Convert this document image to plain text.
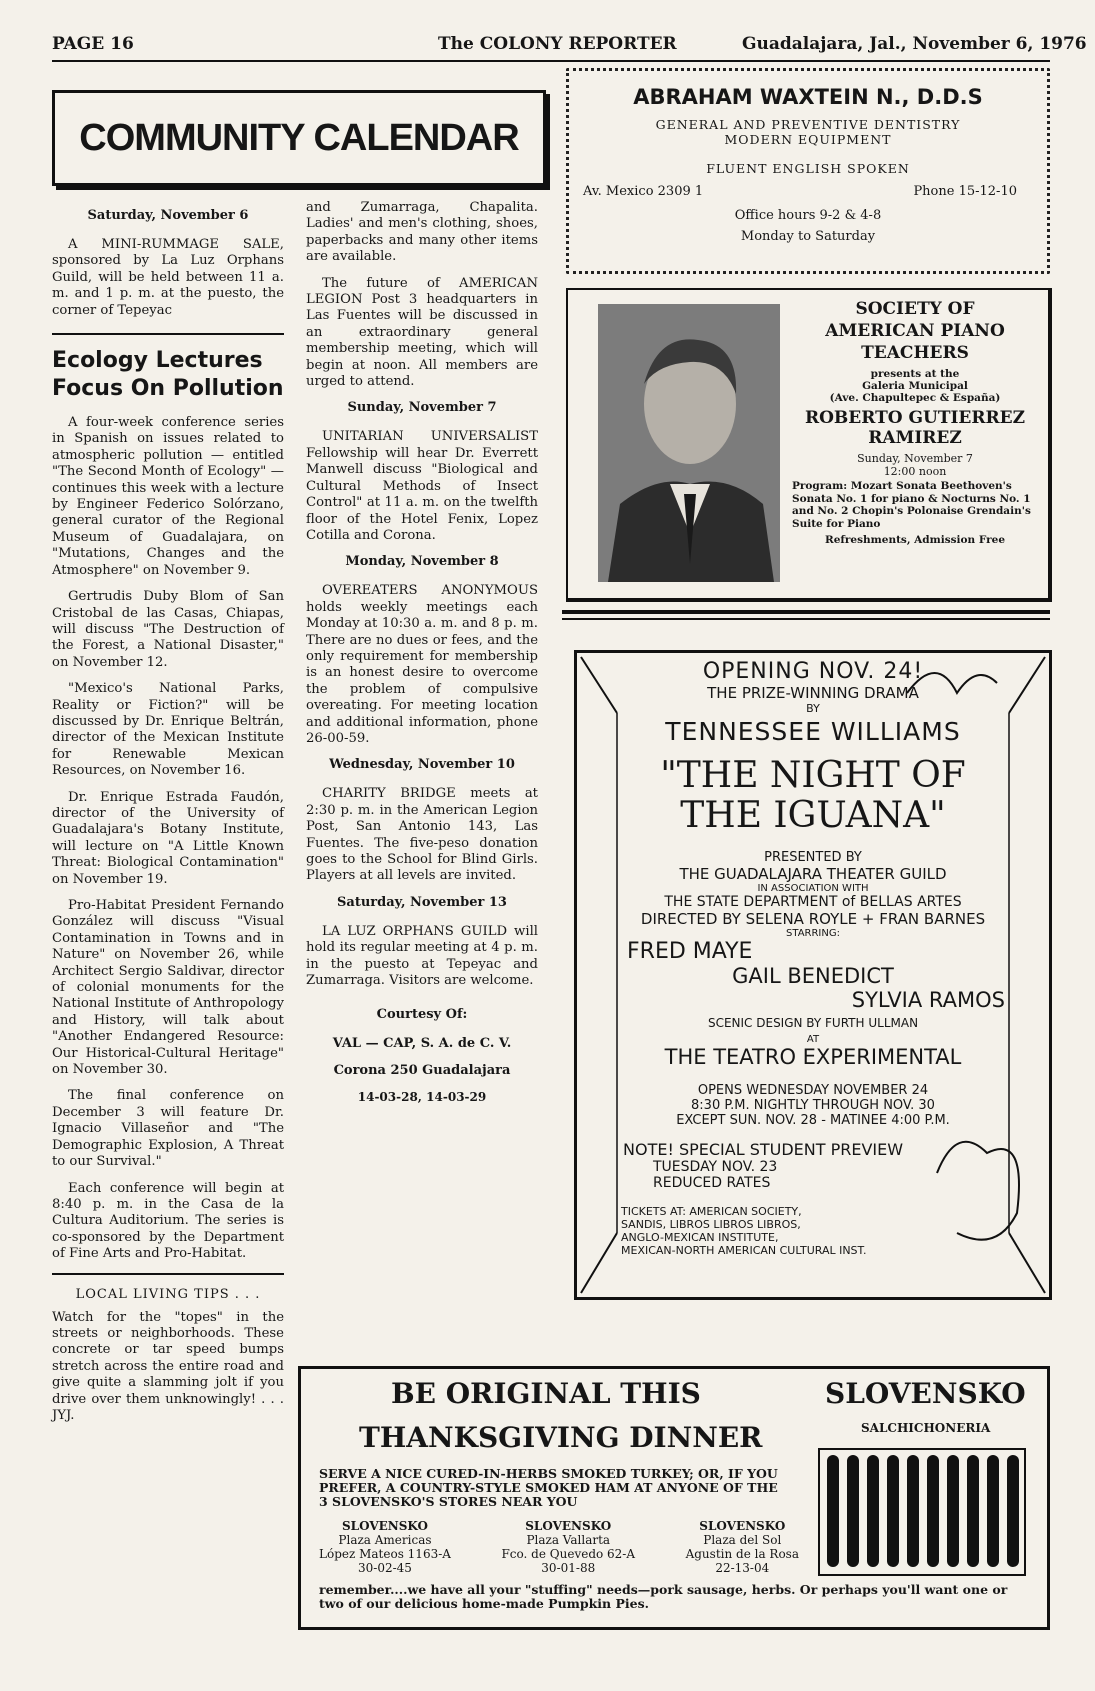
PAGE 16	The COLONY REPORTER	Guadalajara, Jal., November 6, 1976
COMMUNITY CALENDAR
Saturday, November 6

A MINI-RUMMAGE SALE, sponsored by La Luz Orphans Guild, will be held between 11 a. m. and 1 p. m. at the puesto, the corner of Tepeyac

Ecology Lectures Focus On Pollution

A four-week conference series in Spanish on issues related to atmospheric pollution — entitled "The Second Month of Ecology" — continues this week with a lecture by Engineer Federico Solórzano, general curator of the Regional Museum of Guadalajara, on "Mutations, Changes and the Atmosphere" on November 9.

Gertrudis Duby Blom of San Cristobal de las Casas, Chiapas, will discuss "The Destruction of the Forest, a National Disaster," on November 12.

"Mexico's National Parks, Reality or Fiction?" will be discussed by Dr. Enrique Beltrán, director of the Mexican Institute for Renewable Mexican Resources, on November 16.

Dr. Enrique Estrada Faudón, director of the University of Guadalajara's Botany Institute, will lecture on "A Little Known Threat: Biological Contamination" on November 19.

Pro-Habitat President Fernando González will discuss "Visual Contamination in Towns and in Nature" on November 26, while Architect Sergio Saldivar, director of colonial monuments for the National Institute of Anthropology and History, will talk about "Another Endangered Resource: Our Historical-Cultural Heritage" on November 30.

The final conference on December 3 will feature Dr. Ignacio Villaseñor and "The Demographic Explosion, A Threat to our Survival."

Each conference will begin at 8:40 p. m. in the Casa de la Cultura Auditorium. The series is co-sponsored by the Department of Fine Arts and Pro-Habitat.

LOCAL LIVING TIPS . . .

Watch for the "topes" in the streets or neighborhoods. These concrete or tar speed bumps stretch across the entire road and give quite a slamming jolt if you drive over them unknowingly! . . . JYJ.

and Zumarraga, Chapalita. Ladies' and men's clothing, shoes, paperbacks and many other items are available.

The future of AMERICAN LEGION Post 3 headquarters in Las Fuentes will be discussed in an extraordinary general membership meeting, which will begin at noon. All members are urged to attend.

Sunday, November 7

UNITARIAN UNIVERSALIST Fellowship will hear Dr. Everrett Manwell discuss "Biological and Cultural Methods of Insect Control" at 11 a. m. on the twelfth floor of the Hotel Fenix, Lopez Cotilla and Corona.

Monday, November 8

OVEREATERS ANONYMOUS holds weekly meetings each Monday at 10:30 a. m. and 8 p. m. There are no dues or fees, and the only requirement for membership is an honest desire to overcome the problem of compulsive overeating. For meeting location and additional information, phone 26-00-59.

Wednesday, November 10

CHARITY BRIDGE meets at 2:30 p. m. in the American Legion Post, San Antonio 143, Las Fuentes. The five-peso donation goes to the School for Blind Girls. Players at all levels are invited.

Saturday, November 13

LA LUZ ORPHANS GUILD will hold its regular meeting at 4 p. m. in the puesto at Tepeyac and Zumarraga. Visitors are welcome.

Courtesy Of:
VAL — CAP, S. A. de C. V.
Corona 250 Guadalajara
14-03-28, 14-03-29
ABRAHAM WAXTEIN N., D.D.S
GENERAL AND PREVENTIVE DENTISTRY
MODERN EQUIPMENT
FLUENT ENGLISH SPOKEN
Av. Mexico 2309 1	Phone 15-12-10
Office hours 9-2 & 4-8
Monday to Saturday
SOCIETY OF
AMERICAN PIANO
TEACHERS
presents at the
Galeria Municipal
(Ave. Chapultepec & España)
ROBERTO GUTIERREZ RAMIREZ
Sunday, November 7
12:00 noon
Program: Mozart Sonata Beethoven's Sonata No. 1 for piano & Nocturns No. 1 and No. 2 Chopin's Polonaise Grendain's Suite for Piano
Refreshments, Admission Free
OPENING NOV. 24!
THE PRIZE-WINNING DRAMA
BY
TENNESSEE WILLIAMS
"THE NIGHT OF
THE IGUANA"
PRESENTED BY
THE GUADALAJARA THEATER GUILD
IN ASSOCIATION WITH
THE STATE DEPARTMENT of BELLAS ARTES
DIRECTED BY SELENA ROYLE + FRAN BARNES
STARRING:
FRED MAYE
GAIL BENEDICT
SYLVIA RAMOS
SCENIC DESIGN BY FURTH ULLMAN
AT
THE TEATRO EXPERIMENTAL
OPENS WEDNESDAY NOVEMBER 24
8:30 P.M. NIGHTLY THROUGH NOV. 30
EXCEPT SUN. NOV. 28 - MATINEE 4:00 P.M.
NOTE! SPECIAL STUDENT PREVIEW
TUESDAY NOV. 23
REDUCED RATES
TICKETS AT: AMERICAN SOCIETY,
SANDIS, LIBROS LIBROS LIBROS,
ANGLO-MEXICAN INSTITUTE,
MEXICAN-NORTH AMERICAN CULTURAL INST.
BE ORIGINAL THIS
THANKSGIVING DINNER
SLOVENSKO
SALCHICHONERIA
SERVE A NICE CURED-IN-HERBS SMOKED TURKEY; OR, IF YOU PREFER, A COUNTRY-STYLE SMOKED HAM AT ANYONE OF THE 3 SLOVENSKO'S STORES NEAR YOU
SLOVENSKO
Plaza Americas
López Mateos 1163-A
30-02-45
SLOVENSKO
Plaza Vallarta
Fco. de Quevedo 62-A
30-01-88
SLOVENSKO
Plaza del Sol
Agustin de la Rosa
22-13-04
remember....we have all your "stuffing" needs—pork sausage, herbs. Or perhaps you'll want one or two of our delicious home-made Pumpkin Pies.
